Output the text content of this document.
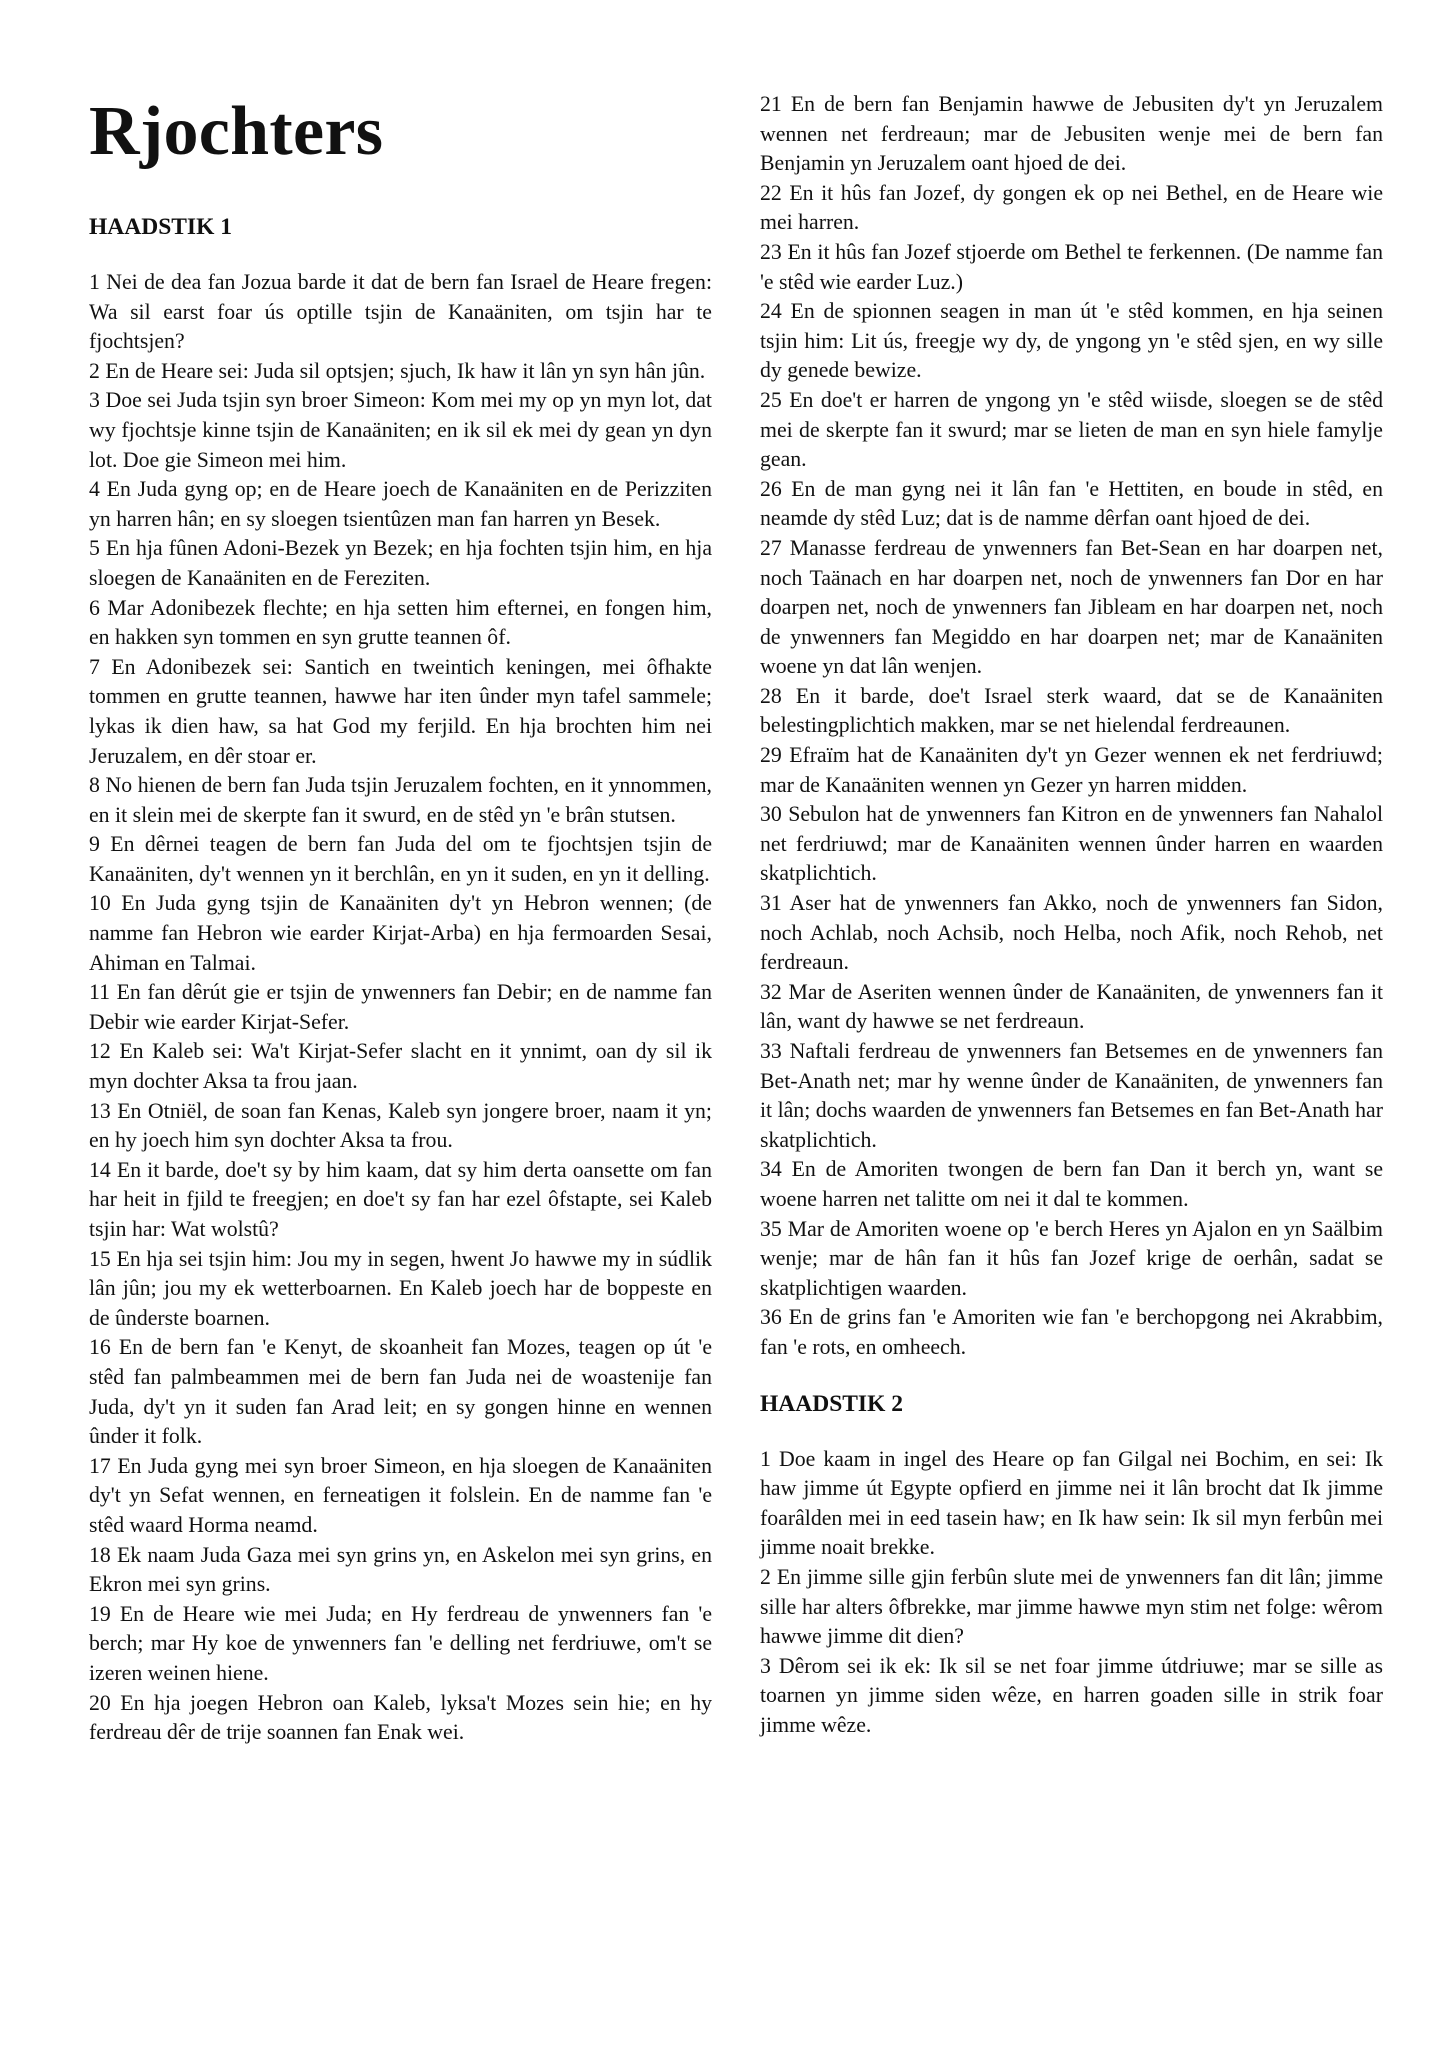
Rjochters
HAADSTIK 1

1 Nei de dea fan Jozua barde it dat de bern fan Israel de Heare fregen: Wa sil earst foar ús optille tsjin de Kanaäniten, om tsjin har te fjochtsjen?

2 En de Heare sei: Juda sil optsjen; sjuch, Ik haw it lân yn syn hân jûn.

3 Doe sei Juda tsjin syn broer Simeon: Kom mei my op yn myn lot, dat wy fjochtsje kinne tsjin de Kanaäniten; en ik sil ek mei dy gean yn dyn lot. Doe gie Simeon mei him.

4 En Juda gyng op; en de Heare joech de Kanaäniten en de Perizziten yn harren hân; en sy sloegen tsientûzen man fan harren yn Besek.

5 En hja fûnen Adoni-Bezek yn Bezek; en hja fochten tsjin him, en hja sloegen de Kanaäniten en de Fereziten.

6 Mar Adonibezek flechte; en hja setten him efternei, en fongen him, en hakken syn tommen en syn grutte teannen ôf.

7 En Adonibezek sei: Santich en tweintich keningen, mei ôfhakte tommen en grutte teannen, hawwe har iten ûnder myn tafel sammele; lykas ik dien haw, sa hat God my ferjild. En hja brochten him nei Jeruzalem, en dêr stoar er.

8 No hienen de bern fan Juda tsjin Jeruzalem fochten, en it ynnommen, en it slein mei de skerpte fan it swurd, en de stêd yn 'e brân stutsen.

9 En dêrnei teagen de bern fan Juda del om te fjochtsjen tsjin de Kanaäniten, dy't wennen yn it berchlân, en yn it suden, en yn it delling.

10 En Juda gyng tsjin de Kanaäniten dy't yn Hebron wennen; (de namme fan Hebron wie earder Kirjat-Arba) en hja fermoarden Sesai, Ahiman en Talmai.

11 En fan dêrút gie er tsjin de ynwenners fan Debir; en de namme fan Debir wie earder Kirjat-Sefer.

12 En Kaleb sei: Wa't Kirjat-Sefer slacht en it ynnimt, oan dy sil ik myn dochter Aksa ta frou jaan.

13 En Otniël, de soan fan Kenas, Kaleb syn jongere broer, naam it yn; en hy joech him syn dochter Aksa ta frou.

14 En it barde, doe't sy by him kaam, dat sy him derta oansette om fan har heit in fjild te freegjen; en doe't sy fan har ezel ôfstapte, sei Kaleb tsjin har: Wat wolstû?

15 En hja sei tsjin him: Jou my in segen, hwent Jo hawwe my in súdlik lân jûn; jou my ek wetterboarnen. En Kaleb joech har de boppeste en de ûnderste boarnen.

16 En de bern fan 'e Kenyt, de skoanheit fan Mozes, teagen op út 'e stêd fan palmbeammen mei de bern fan Juda nei de woastenije fan Juda, dy't yn it suden fan Arad leit; en sy gongen hinne en wennen ûnder it folk.

17 En Juda gyng mei syn broer Simeon, en hja sloegen de Kanaäniten dy't yn Sefat wennen, en ferneatigen it folslein. En de namme fan 'e stêd waard Horma neamd.

18 Ek naam Juda Gaza mei syn grins yn, en Askelon mei syn grins, en Ekron mei syn grins.

19 En de Heare wie mei Juda; en Hy ferdreau de ynwenners fan 'e berch; mar Hy koe de ynwenners fan 'e delling net ferdriuwe, om't se izeren weinen hiene.

20 En hja joegen Hebron oan Kaleb, lyksa't Mozes sein hie; en hy ferdreau dêr de trije soannen fan Enak wei.

21 En de bern fan Benjamin hawwe de Jebusiten dy't yn Jeruzalem wennen net ferdreaun; mar de Jebusiten wenje mei de bern fan Benjamin yn Jeruzalem oant hjoed de dei.

22 En it hûs fan Jozef, dy gongen ek op nei Bethel, en de Heare wie mei harren.

23 En it hûs fan Jozef stjoerde om Bethel te ferkennen. (De namme fan 'e stêd wie earder Luz.)

24 En de spionnen seagen in man út 'e stêd kommen, en hja seinen tsjin him: Lit ús, freegje wy dy, de yngong yn 'e stêd sjen, en wy sille dy genede bewize.

25 En doe't er harren de yngong yn 'e stêd wiisde, sloegen se de stêd mei de skerpte fan it swurd; mar se lieten de man en syn hiele famylje gean.

26 En de man gyng nei it lân fan 'e Hettiten, en boude in stêd, en neamde dy stêd Luz; dat is de namme dêrfan oant hjoed de dei.

27 Manasse ferdreau de ynwenners fan Bet-Sean en har doarpen net, noch Taänach en har doarpen net, noch de ynwenners fan Dor en har doarpen net, noch de ynwenners fan Jibleam en har doarpen net, noch de ynwenners fan Megiddo en har doarpen net; mar de Kanaäniten woene yn dat lân wenjen.

28 En it barde, doe't Israel sterk waard, dat se de Kanaäniten belestingplichtich makken, mar se net hielendal ferdreaunen.

29 Efraïm hat de Kanaäniten dy't yn Gezer wennen ek net ferdriuwd; mar de Kanaäniten wennen yn Gezer yn harren midden.

30 Sebulon hat de ynwenners fan Kitron en de ynwenners fan Nahalol net ferdriuwd; mar de Kanaäniten wennen ûnder harren en waarden skatplichtich.

31 Aser hat de ynwenners fan Akko, noch de ynwenners fan Sidon, noch Achlab, noch Achsib, noch Helba, noch Afik, noch Rehob, net ferdreaun.

32 Mar de Aseriten wennen ûnder de Kanaäniten, de ynwenners fan it lân, want dy hawwe se net ferdreaun.

33 Naftali ferdreau de ynwenners fan Betsemes en de ynwenners fan Bet-Anath net; mar hy wenne ûnder de Kanaäniten, de ynwenners fan it lân; dochs waarden de ynwenners fan Betsemes en fan Bet-Anath har skatplichtich.

34 En de Amoriten twongen de bern fan Dan it berch yn, want se woene harren net talitte om nei it dal te kommen.

35 Mar de Amoriten woene op 'e berch Heres yn Ajalon en yn Saälbim wenje; mar de hân fan it hûs fan Jozef krige de oerhân, sadat se skatplichtigen waarden.

36 En de grins fan 'e Amoriten wie fan 'e berchopgong nei Akrabbim, fan 'e rots, en omheech.

HAADSTIK 2

1 Doe kaam in ingel des Heare op fan Gilgal nei Bochim, en sei: Ik haw jimme út Egypte opfierd en jimme nei it lân brocht dat Ik jimme foarâlden mei in eed tasein haw; en Ik haw sein: Ik sil myn ferbûn mei jimme noait brekke.

2 En jimme sille gjin ferbûn slute mei de ynwenners fan dit lân; jimme sille har alters ôfbrekke, mar jimme hawwe myn stim net folge: wêrom hawwe jimme dit dien?

3 Dêrom sei ik ek: Ik sil se net foar jimme útdriuwe; mar se sille as toarnen yn jimme siden wêze, en harren goaden sille in strik foar jimme wêze.
